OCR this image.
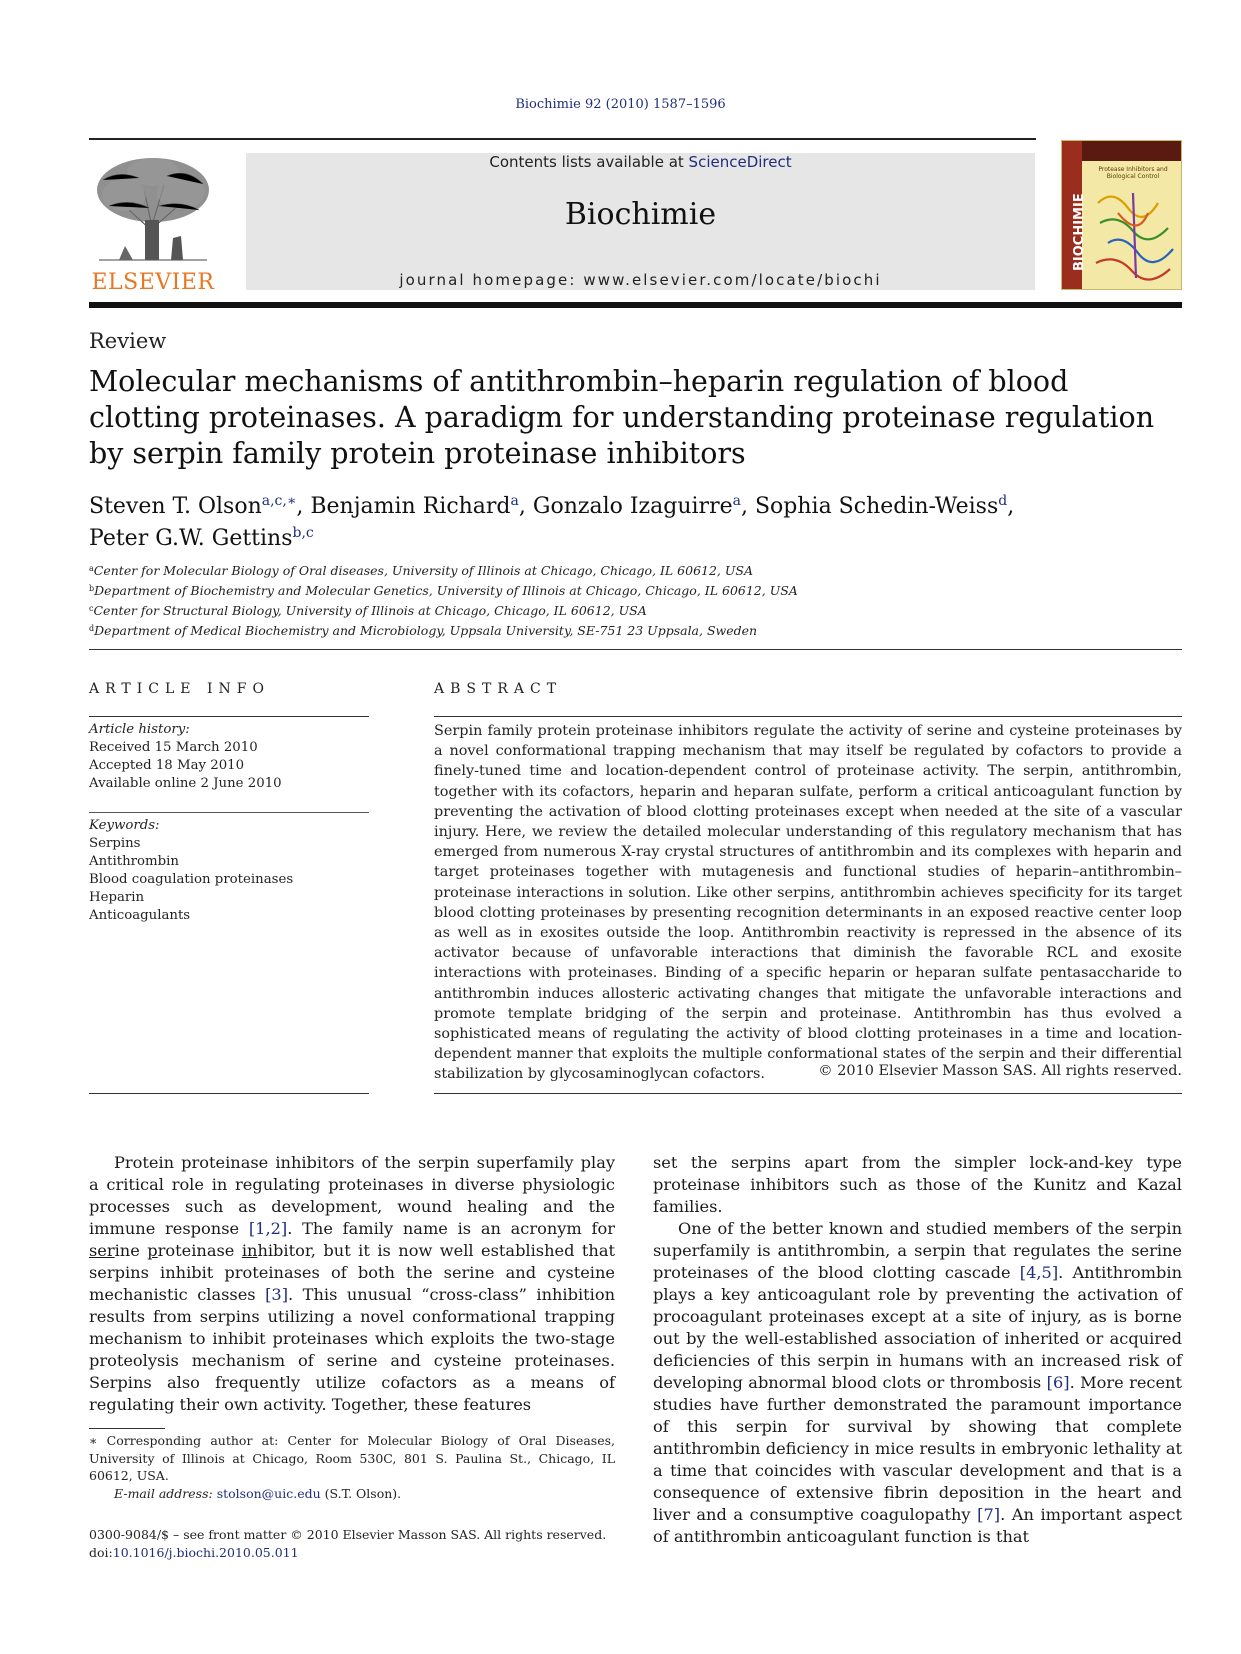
Biochimie 92 (2010) 1587–1596
ELSEVIER
Contents lists available at ScienceDirect
Biochimie
journal homepage: www.elsevier.com/locate/biochi
BIOCHIMIE
Protease Inhibitors and Biological Control
Review
Molecular mechanisms of antithrombin–heparin regulation of blood clotting proteinases. A paradigm for understanding proteinase regulation by serpin family protein proteinase inhibitors
Steven T. Olson$^{a,c,∗}$, Benjamin Richard$^a$, Gonzalo Izaguirre$^a$, Sophia Schedin-Weiss$^d$,
Peter G.W. Gettins$^{b,c}$
$^a$Center for Molecular Biology of Oral diseases, University of Illinois at Chicago, Chicago, IL 60612, USA
$^b$Department of Biochemistry and Molecular Genetics, University of Illinois at Chicago, Chicago, IL 60612, USA
$^c$Center for Structural Biology, University of Illinois at Chicago, Chicago, IL 60612, USA
$^d$Department of Medical Biochemistry and Microbiology, Uppsala University, SE-751 23 Uppsala, Sweden
ARTICLE INFO	ABSTRACT
Article history:
Received 15 March 2010
Accepted 18 May 2010
Available online 2 June 2010
Keywords:
Serpins
Antithrombin
Blood coagulation proteinases
Heparin
Anticoagulants
Serpin family protein proteinase inhibitors regulate the activity of serine and cysteine proteinases by a novel conformational trapping mechanism that may itself be regulated by cofactors to provide a finely-tuned time and location-dependent control of proteinase activity. The serpin, antithrombin, together with its cofactors, heparin and heparan sulfate, perform a critical anticoagulant function by preventing the activation of blood clotting proteinases except when needed at the site of a vascular injury. Here, we review the detailed molecular understanding of this regulatory mechanism that has emerged from numerous X-ray crystal structures of antithrombin and its complexes with heparin and target proteinases together with mutagenesis and functional studies of heparin–antithrombin–proteinase interactions in solution. Like other serpins, antithrombin achieves specificity for its target blood clotting proteinases by presenting recognition determinants in an exposed reactive center loop as well as in exosites outside the loop. Antithrombin reactivity is repressed in the absence of its activator because of unfavorable interactions that diminish the favorable RCL and exosite interactions with proteinases. Binding of a specific heparin or heparan sulfate pentasaccharide to antithrombin induces allosteric activating changes that mitigate the unfavorable interactions and promote template bridging of the serpin and proteinase. Antithrombin has thus evolved a sophisticated means of regulating the activity of blood clotting proteinases in a time and location-dependent manner that exploits the multiple conformational states of the serpin and their differential stabilization by glycosaminoglycan cofactors.	© 2010 Elsevier Masson SAS. All rights reserved.

Protein proteinase inhibitors of the serpin superfamily play a critical role in regulating proteinases in diverse physiologic processes such as development, wound healing and the immune response [1,2]. The family name is an acronym for serine proteinase inhibitor, but it is now well established that serpins inhibit proteinases of both the serine and cysteine mechanistic classes [3]. This unusual “cross-class” inhibition results from serpins utilizing a novel conformational trapping mechanism to inhibit proteinases which exploits the two-stage proteolysis mechanism of serine and cysteine proteinases. Serpins also frequently utilize cofactors as a means of regulating their own activity. Together, these features

set the serpins apart from the simpler lock-and-key type proteinase inhibitors such as those of the Kunitz and Kazal families.

One of the better known and studied members of the serpin superfamily is antithrombin, a serpin that regulates the serine proteinases of the blood clotting cascade [4,5]. Antithrombin plays a key anticoagulant role by preventing the activation of procoagulant proteinases except at a site of injury, as is borne out by the well-established association of inherited or acquired deficiencies of this serpin in humans with an increased risk of developing abnormal blood clots or thrombosis [6]. More recent studies have further demonstrated the paramount importance of this serpin for survival by showing that complete antithrombin deficiency in mice results in embryonic lethality at a time that coincides with vascular development and that is a consequence of extensive fibrin deposition in the heart and liver and a consumptive coagulopathy [7]. An important aspect of antithrombin anticoagulant function is that

∗ Corresponding author at: Center for Molecular Biology of Oral Diseases, University of Illinois at Chicago, Room 530C, 801 S. Paulina St., Chicago, IL 60612, USA.
E-mail address: stolson@uic.edu (S.T. Olson).
0300-9084/$ – see front matter © 2010 Elsevier Masson SAS. All rights reserved.
doi:10.1016/j.biochi.2010.05.011
